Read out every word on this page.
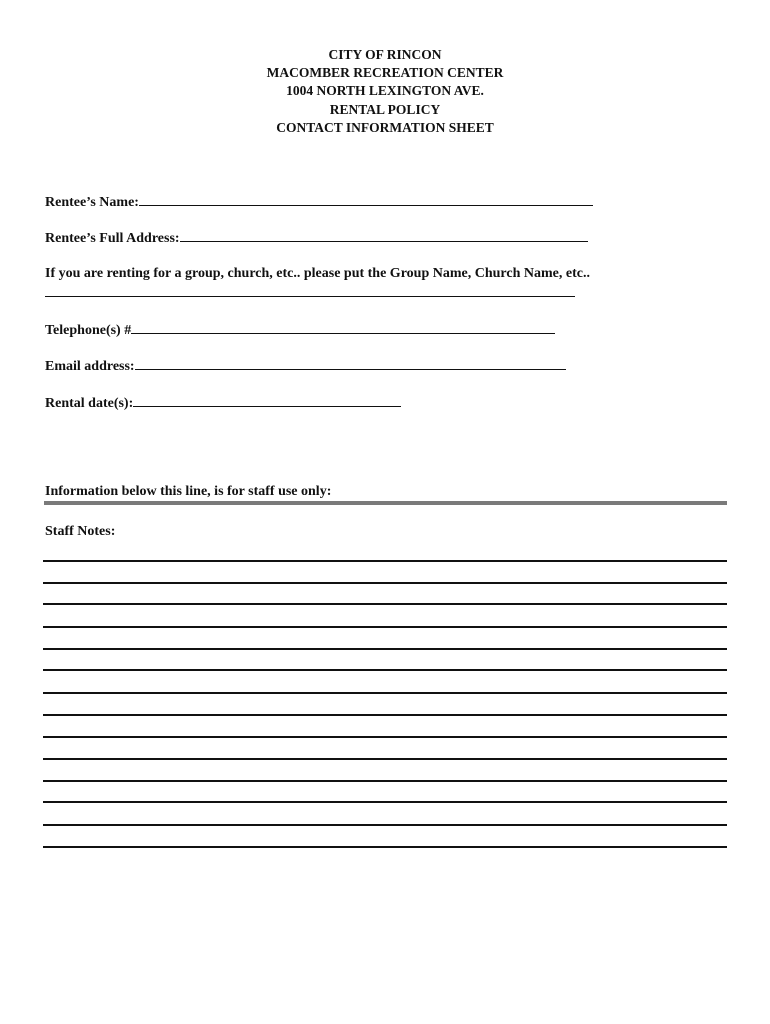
CITY OF RINCON
MACOMBER RECREATION CENTER
1004 NORTH LEXINGTON AVE.
RENTAL POLICY
CONTACT INFORMATION SHEET
Rentee’s Name:
Rentee’s Full Address:
If you are renting for a group, church, etc.. please put the Group Name, Church Name, etc..
Telephone(s) #
Email address:
Rental date(s):
Information below this line, is for staff use only:
Staff Notes:
